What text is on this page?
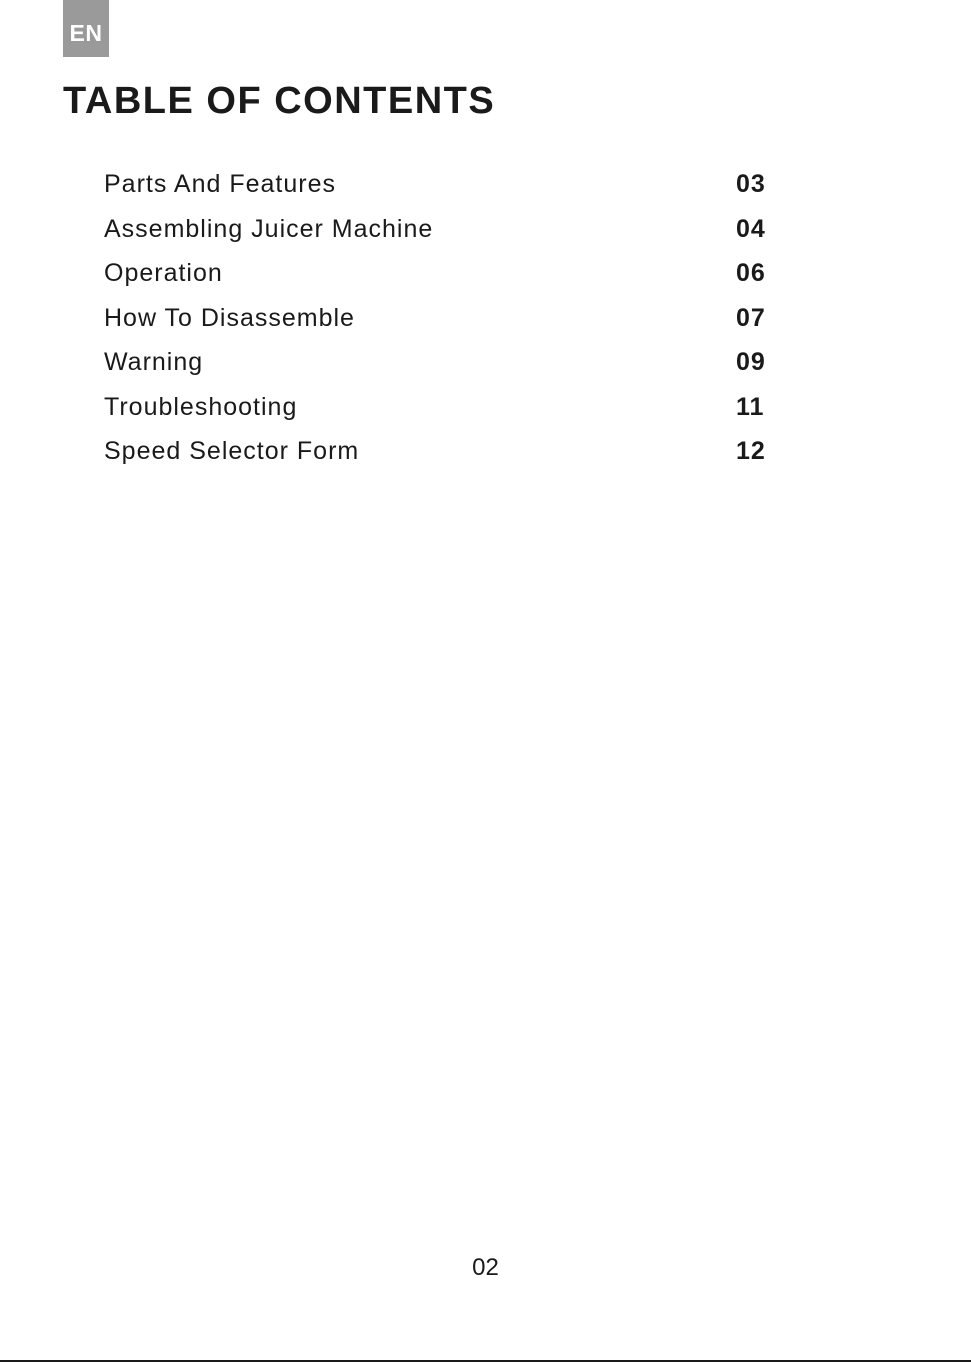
EN
TABLE OF CONTENTS
Parts And Features	03
Assembling Juicer Machine	04
Operation	06
How To Disassemble	07
Warning	09
Troubleshooting	11
Speed Selector Form	12
02
